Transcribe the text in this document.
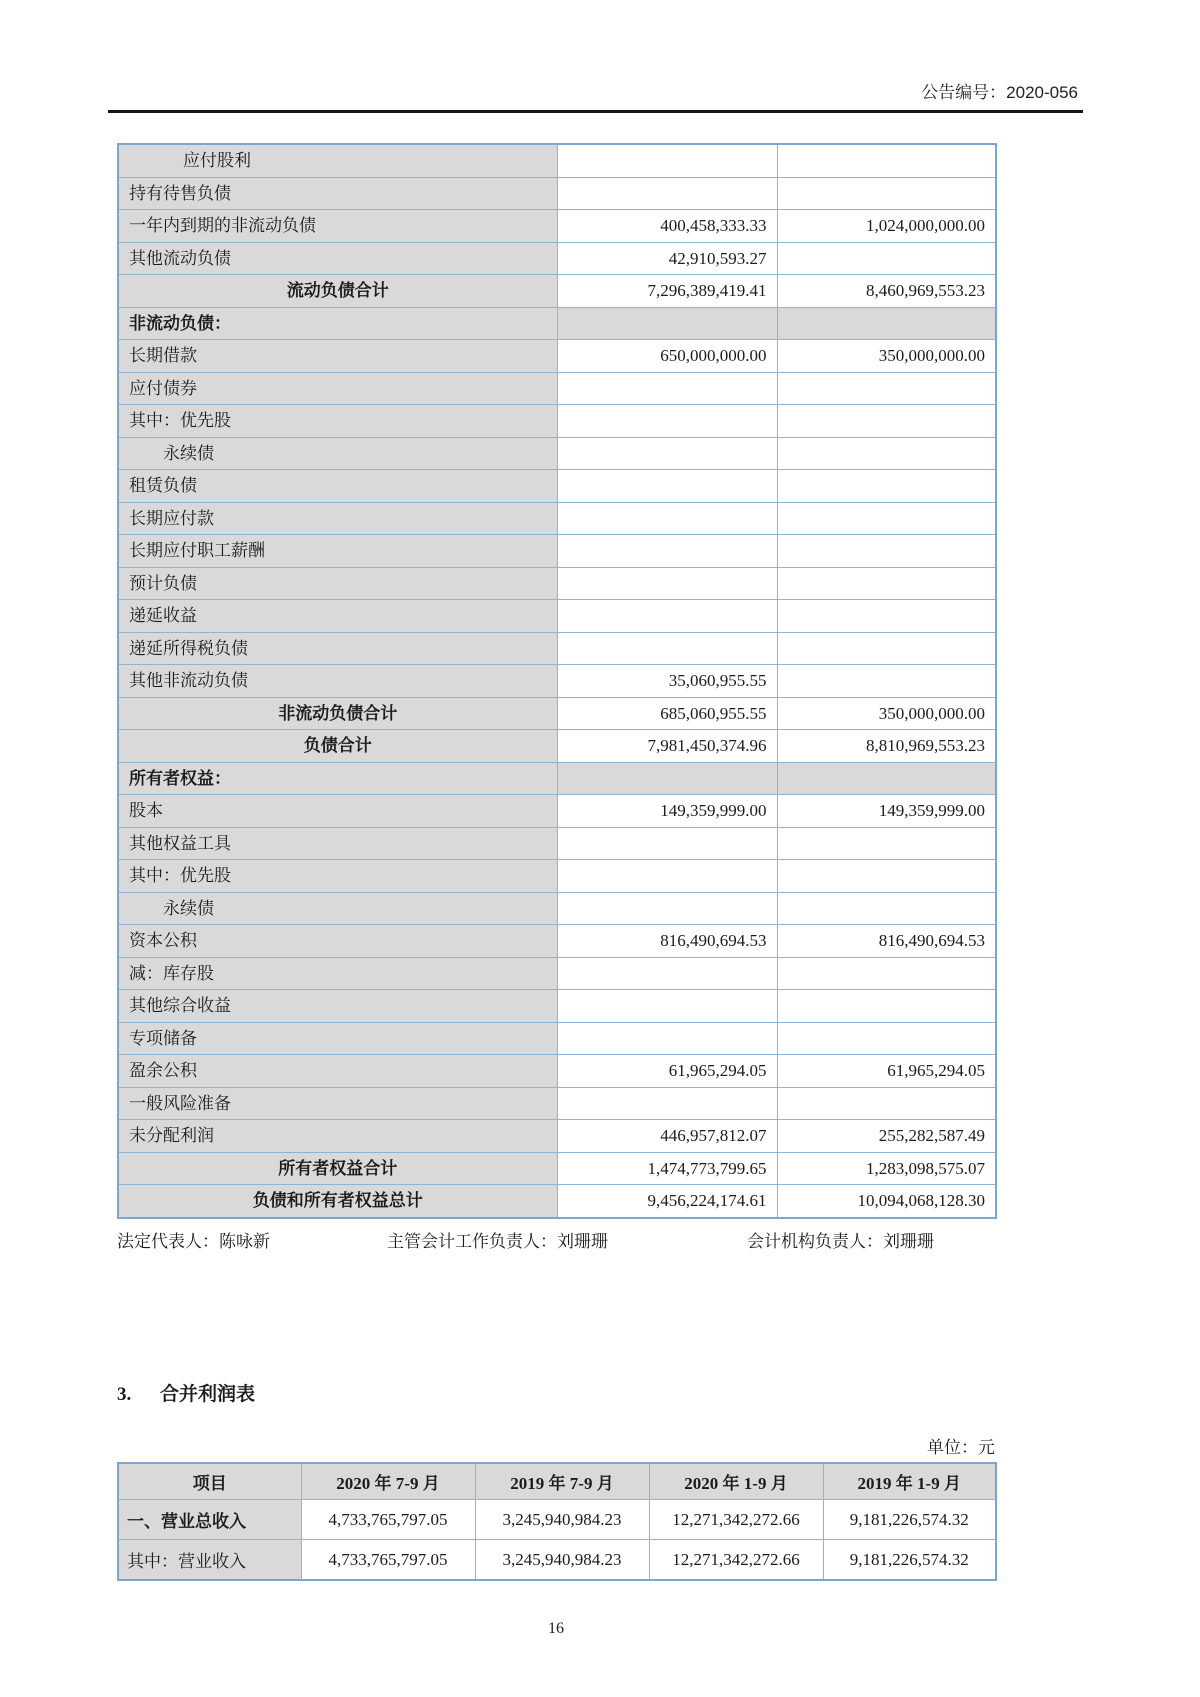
公告编号：2020-056
应付股利		
持有待售负债		
一年内到期的非流动负债	400,458,333.33	1,024,000,000.00
其他流动负债	42,910,593.27	
流动负债合计	7,296,389,419.41	8,460,969,553.23
非流动负债：		
长期借款	650,000,000.00	350,000,000.00
应付债券		
其中：优先股		
永续债		
租赁负债		
长期应付款		
长期应付职工薪酬		
预计负债		
递延收益		
递延所得税负债		
其他非流动负债	35,060,955.55	
非流动负债合计	685,060,955.55	350,000,000.00
负债合计	7,981,450,374.96	8,810,969,553.23
所有者权益：		
股本	149,359,999.00	149,359,999.00
其他权益工具		
其中：优先股		
永续债		
资本公积	816,490,694.53	816,490,694.53
减：库存股		
其他综合收益		
专项储备		
盈余公积	61,965,294.05	61,965,294.05
一般风险准备		
未分配利润	446,957,812.07	255,282,587.49
所有者权益合计	1,474,773,799.65	1,283,098,575.07
负债和所有者权益总计	9,456,224,174.61	10,094,068,128.30
法定代表人：陈咏新	主管会计工作负责人：刘珊珊	会计机构负责人：刘珊珊
3. 合并利润表
单位：元
项目	2020 年 7-9 月	2019 年 7-9 月	2020 年 1-9 月	2019 年 1-9 月
一、营业总收入	4,733,765,797.05	3,245,940,984.23	12,271,342,272.66	9,181,226,574.32
其中：营业收入	4,733,765,797.05	3,245,940,984.23	12,271,342,272.66	9,181,226,574.32
16
